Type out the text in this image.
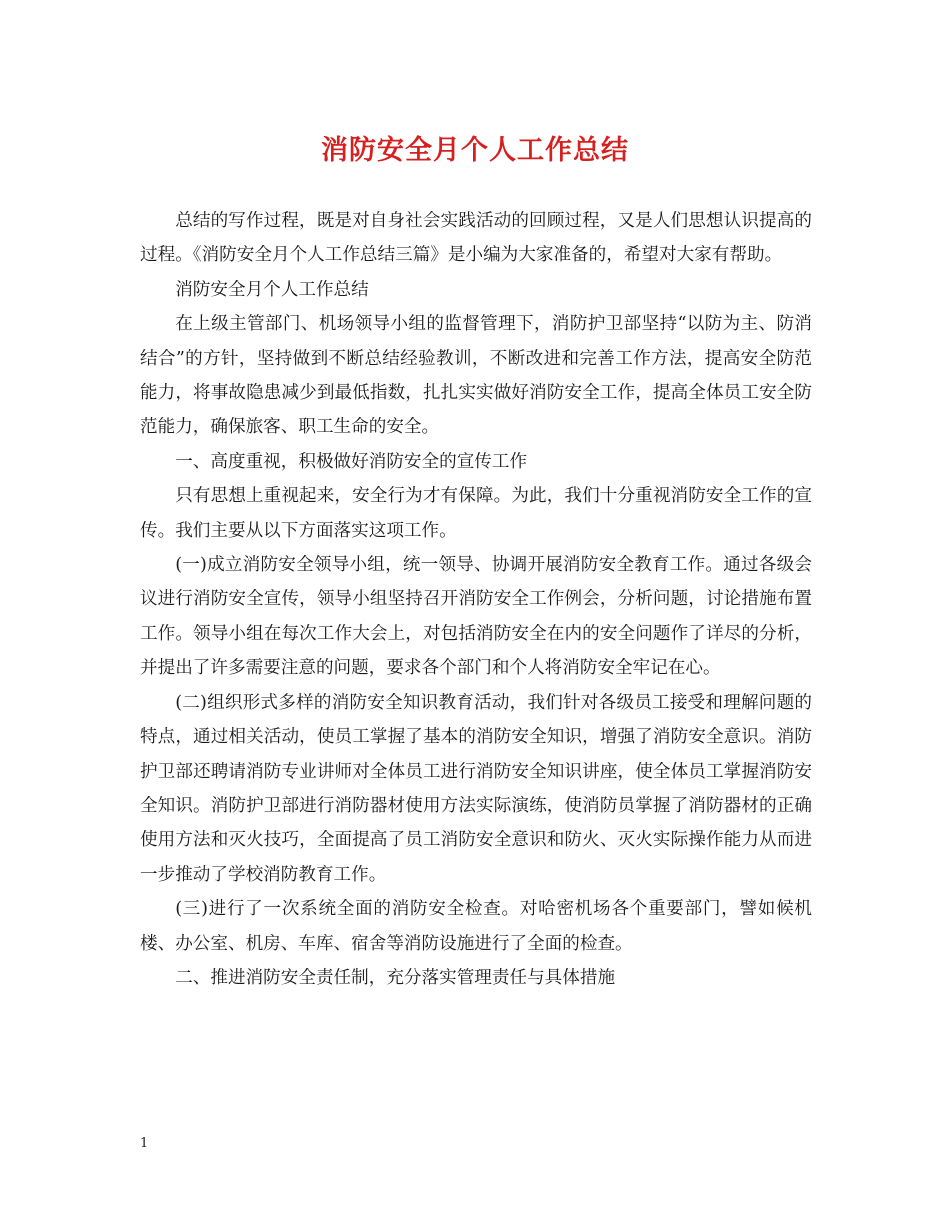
消防安全月个人工作总结

总结的写作过程，既是对自身社会实践活动的回顾过程，又是人们思想认识提高的过程。《消防安全月个人工作总结三篇》是小编为大家准备的，希望对大家有帮助。

消防安全月个人工作总结

在上级主管部门、机场领导小组的监督管理下，消防护卫部坚持“以防为主、防消结合”的方针，坚持做到不断总结经验教训，不断改进和完善工作方法，提高安全防范能力，将事故隐患减少到最低指数，扎扎实实做好消防安全工作，提高全体员工安全防范能力，确保旅客、职工生命的安全。

一、高度重视，积极做好消防安全的宣传工作

只有思想上重视起来，安全行为才有保障。为此，我们十分重视消防安全工作的宣传。我们主要从以下方面落实这项工作。

(一)成立消防安全领导小组，统一领导、协调开展消防安全教育工作。通过各级会议进行消防安全宣传，领导小组坚持召开消防安全工作例会，分析问题，讨论措施布置工作。领导小组在每次工作大会上，对包括消防安全在内的安全问题作了详尽的分析，并提出了许多需要注意的问题，要求各个部门和个人将消防安全牢记在心。

(二)组织形式多样的消防安全知识教育活动，我们针对各级员工接受和理解问题的特点，通过相关活动，使员工掌握了基本的消防安全知识，增强了消防安全意识。消防护卫部还聘请消防专业讲师对全体员工进行消防安全知识讲座，使全体员工掌握消防安全知识。消防护卫部进行消防器材使用方法实际演练，使消防员掌握了消防器材的正确使用方法和灭火技巧，全面提高了员工消防安全意识和防火、灭火实际操作能力从而进一步推动了学校消防教育工作。

(三)进行了一次系统全面的消防安全检查。对哈密机场各个重要部门，譬如候机楼、办公室、机房、车库、宿舍等消防设施进行了全面的检查。

二、推进消防安全责任制，充分落实管理责任与具体措施

1
